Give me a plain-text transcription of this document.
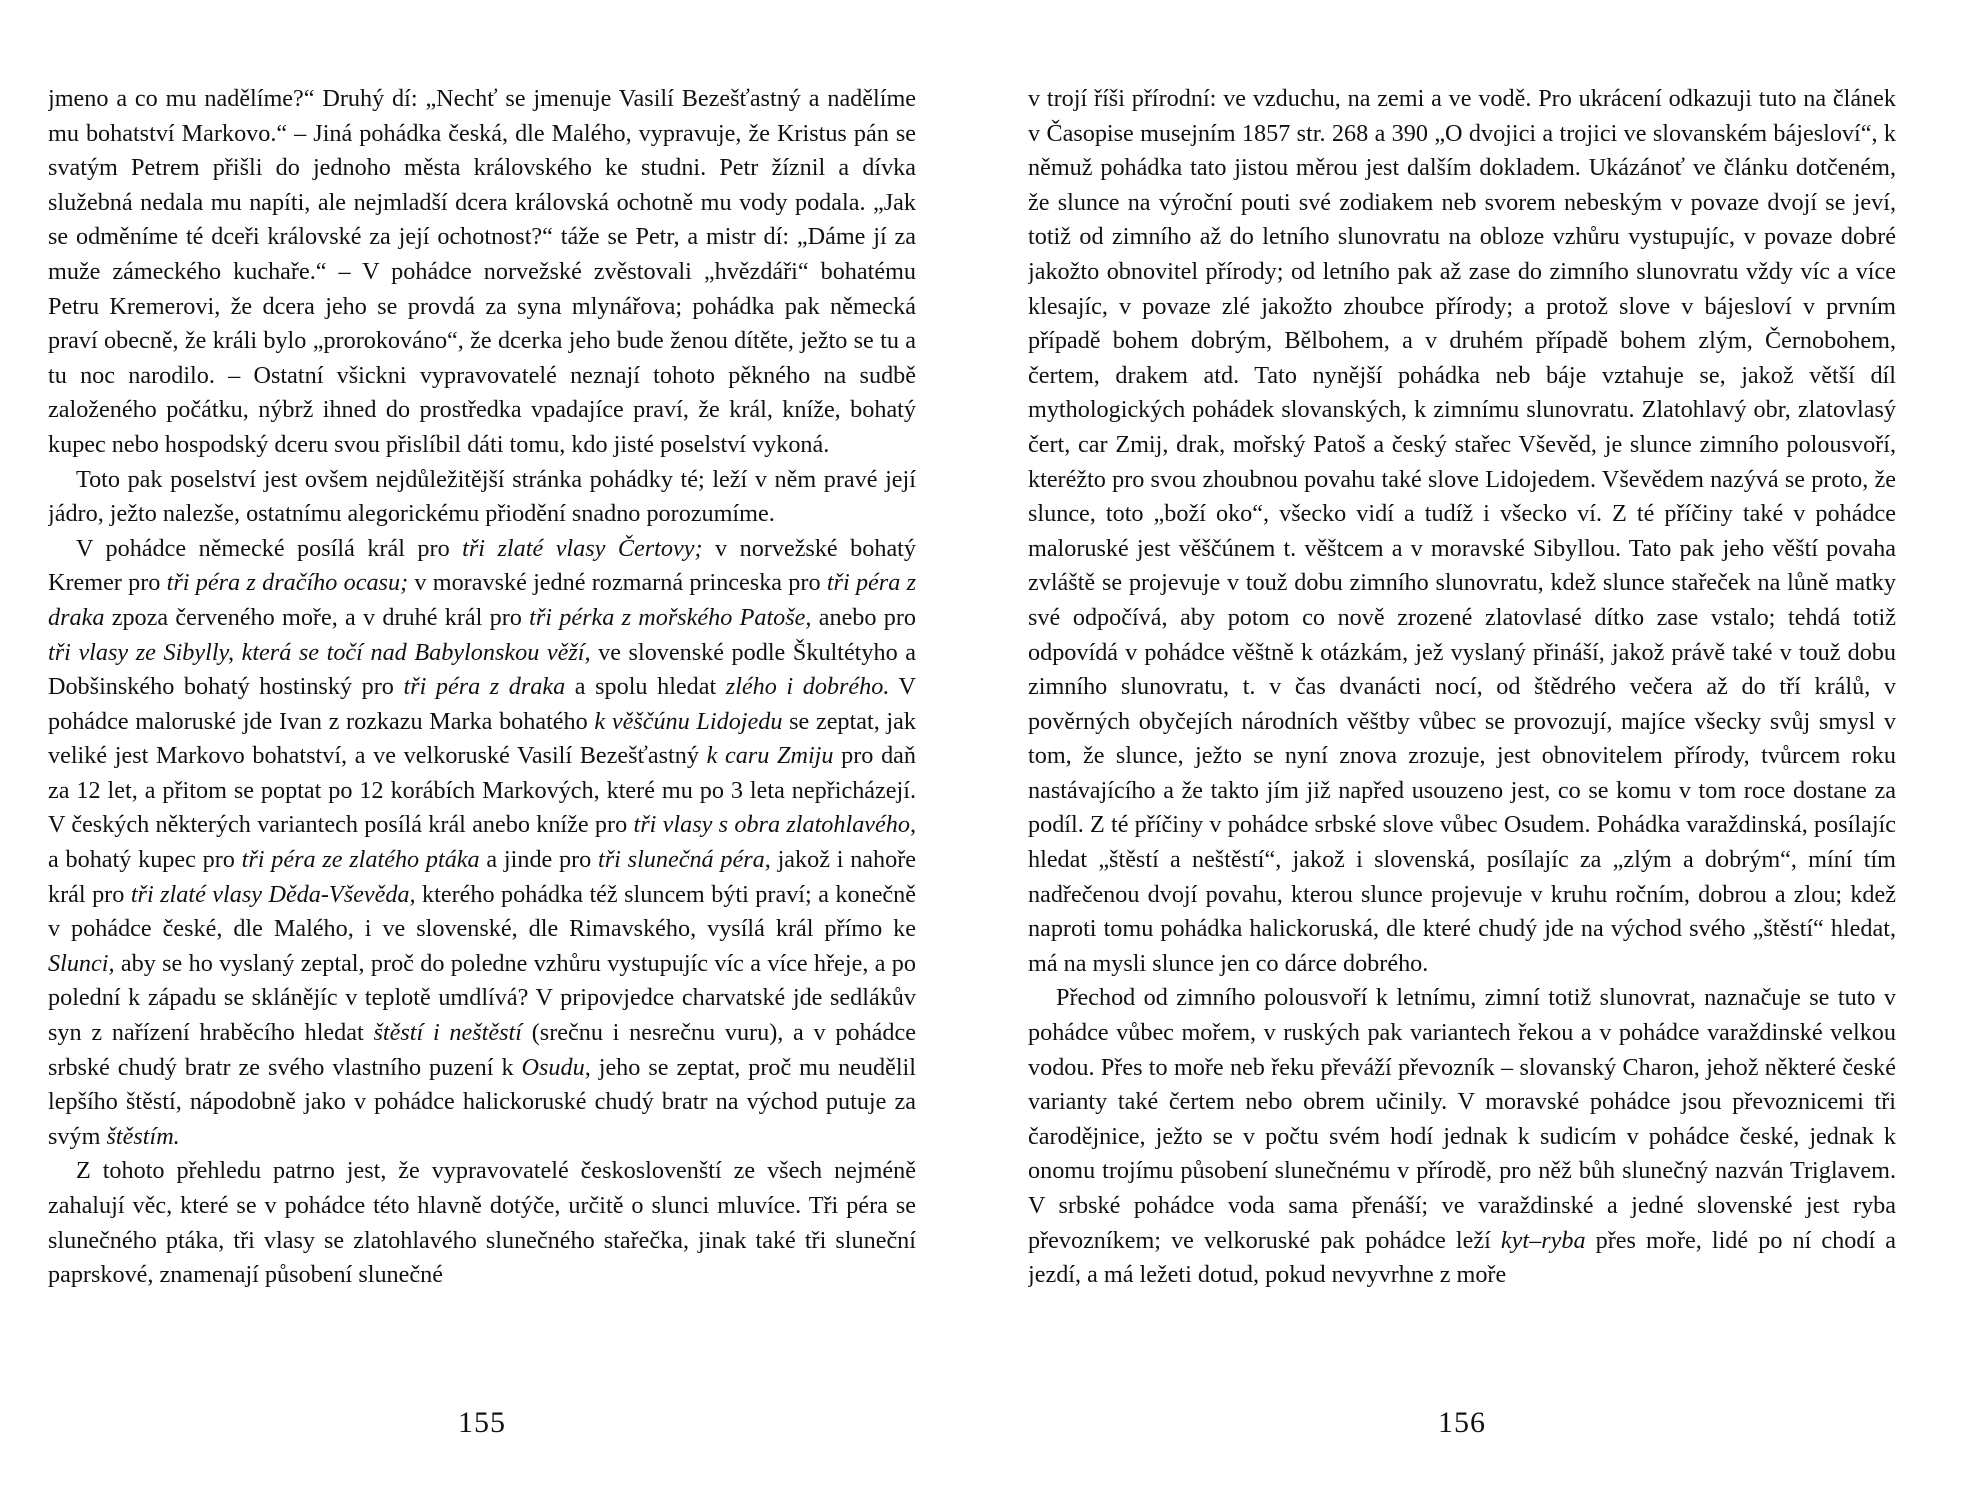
jmeno a co mu nadělíme?“ Druhý dí: „Nechť se jmenuje Vasilí Bezešťastný a nadělíme mu bohatství Markovo.“ – Jiná pohádka česká, dle Malého, vypravuje, že Kristus pán se svatým Petrem přišli do jednoho města královského ke studni. Petr žíznil a dívka služebná nedala mu napíti, ale nejmladší dcera královská ochotně mu vody podala. „Jak se odměníme té dceři královské za její ochotnost?“ táže se Petr, a mistr dí: „Dáme jí za muže zámeckého kuchaře.“ – V pohádce norvežské zvěstovali „hvězdáři“ bohatému Petru Kremerovi, že dcera jeho se provdá za syna mlynářova; pohádka pak německá praví obecně, že králi bylo „prorokováno“, že dcerka jeho bude ženou dítěte, ježto se tu a tu noc narodilo. – Ostatní všickni vypravovatelé neznají tohoto pěkného na sudbě založeného počátku, nýbrž ihned do prostředka vpadajíce praví, že král, kníže, bohatý kupec nebo hospodský dceru svou přislíbil dáti tomu, kdo jisté poselství vykoná.

Toto pak poselství jest ovšem nejdůležitější stránka pohádky té; leží v něm pravé její jádro, ježto nalezše, ostatnímu alegorickému přiodění snadno porozumíme.

V pohádce německé posílá král pro tři zlaté vlasy Čertovy; v norvežské bohatý Kremer pro tři péra z dračího ocasu; v moravské jedné rozmarná princeska pro tři péra z draka zpoza červeného moře, a v druhé král pro tři pérka z mořského Patoše, anebo pro tři vlasy ze Sibylly, která se točí nad Babylonskou věží, ve slovenské podle Škultétyho a Dobšinského bohatý hostinský pro tři péra z draka a spolu hledat zlého i dobrého. V pohádce maloruské jde Ivan z rozkazu Marka bohatého k věščúnu Lidojedu se zeptat, jak veliké jest Markovo bohatství, a ve velkoruské Vasilí Bezešťastný k caru Zmiju pro daň za 12 let, a přitom se poptat po 12 korábích Markových, které mu po 3 leta nepřicházejí. V českých některých variantech posílá král anebo kníže pro tři vlasy s obra zlatohlavého, a bohatý kupec pro tři péra ze zlatého ptáka a jinde pro tři slunečná péra, jakož i nahoře král pro tři zlaté vlasy Děda-Vševěda, kterého pohádka též sluncem býti praví; a konečně v pohádce české, dle Malého, i ve slovenské, dle Rimavského, vysílá král přímo ke Slunci, aby se ho vyslaný zeptal, proč do poledne vzhůru vystupujíc víc a více hřeje, a po polední k západu se sklánějíc v teplotě umdlívá? V pripovjedce charvatské jde sedlákův syn z nařízení hraběcího hledat štěstí i neštěstí (srečnu i nesrečnu vuru), a v pohádce srbské chudý bratr ze svého vlastního puzení k Osudu, jeho se zeptat, proč mu neudělil lepšího štěstí, nápodobně jako v pohádce halickoruské chudý bratr na východ putuje za svým štěstím.

Z tohoto přehledu patrno jest, že vypravovatelé českoslovenští ze všech nejméně zahalují věc, které se v pohádce této hlavně dotýče, určitě o slunci mluvíce. Tři péra se slunečného ptáka, tři vlasy se zlatohlavého slunečného stařečka, jinak také tři sluneční paprskové, znamenají působení slunečné

155

v trojí říši přírodní: ve vzduchu, na zemi a ve vodě. Pro ukrácení odkazuji tuto na článek v Časopise musejním 1857 str. 268 a 390 „O dvojici a trojici ve slovanském bájesloví“, k němuž pohádka tato jistou měrou jest dalším dokladem. Ukázánoť ve článku dotčeném, že slunce na výroční pouti své zodiakem neb svorem nebeským v povaze dvojí se jeví, totiž od zimního až do letního slunovratu na obloze vzhůru vystupujíc, v povaze dobré jakožto obnovitel přírody; od letního pak až zase do zimního slunovratu vždy víc a více klesajíc, v povaze zlé jakožto zhoubce přírody; a protož slove v bájesloví v prvním případě bohem dobrým, Bělbohem, a v druhém případě bohem zlým, Černobohem, čertem, drakem atd. Tato nynější pohádka neb báje vztahuje se, jakož větší díl mythologických pohádek slovanských, k zimnímu slunovratu. Zlatohlavý obr, zlatovlasý čert, car Zmij, drak, mořský Patoš a český stařec Vševěd, je slunce zimního polousvoří, kteréžto pro svou zhoubnou povahu také slove Lidojedem. Vševědem nazývá se proto, že slunce, toto „boží oko“, všecko vidí a tudíž i všecko ví. Z té příčiny také v pohádce maloruské jest věščúnem t. věštcem a v moravské Sibyllou. Tato pak jeho věští povaha zvláště se projevuje v touž dobu zimního slunovratu, kdež slunce stařeček na lůně matky své odpočívá, aby potom co nově zrozené zlatovlasé dítko zase vstalo; tehdá totiž odpovídá v pohádce věštně k otázkám, jež vyslaný přináší, jakož právě také v touž dobu zimního slunovratu, t. v čas dvanácti nocí, od štědrého večera až do tří králů, v pověrných obyčejích národních věštby vůbec se provozují, majíce všecky svůj smysl v tom, že slunce, ježto se nyní znova zrozuje, jest obnovitelem přírody, tvůrcem roku nastávajícího a že takto jím již napřed usouzeno jest, co se komu v tom roce dostane za podíl. Z té příčiny v pohádce srbské slove vůbec Osudem. Pohádka varaždinská, posílajíc hledat „štěstí a neštěstí“, jakož i slovenská, posílajíc za „zlým a dobrým“, míní tím nadřečenou dvojí povahu, kterou slunce projevuje v kruhu ročním, dobrou a zlou; kdež naproti tomu pohádka halickoruská, dle které chudý jde na východ svého „štěstí“ hledat, má na mysli slunce jen co dárce dobrého.

Přechod od zimního polousvoří k letnímu, zimní totiž slunovrat, naznačuje se tuto v pohádce vůbec mořem, v ruských pak variantech řekou a v pohádce varaždinské velkou vodou. Přes to moře neb řeku převáží převozník – slovanský Charon, jehož některé české varianty také čertem nebo obrem učinily. V moravské pohádce jsou převoznicemi tři čarodějnice, ježto se v počtu svém hodí jednak k sudicím v pohádce české, jednak k onomu trojímu působení slunečnému v přírodě, pro něž bůh slunečný nazván Triglavem. V srbské pohádce voda sama přenáší; ve varaždinské a jedné slovenské jest ryba převozníkem; ve velkoruské pak pohádce leží kyt–ryba přes moře, lidé po ní chodí a jezdí, a má ležeti dotud, pokud nevyvrhne z moře

156
